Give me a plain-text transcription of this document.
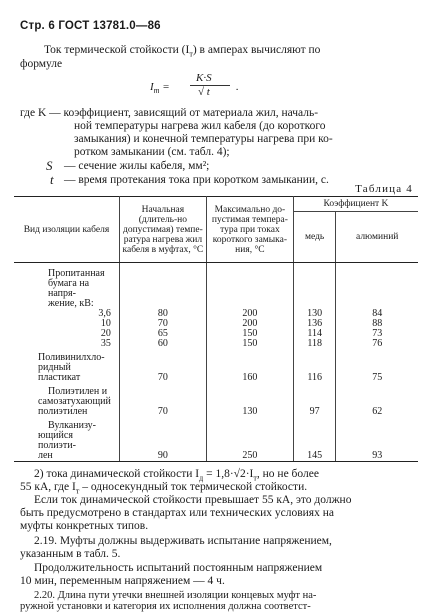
Стр. 6 ГОСТ 13781.0—86
Ток термической стойкости $(I_т)$ в амперах вычисляют по
формуле
$I_т$ =
K·S
√ t .
где K — коэффициент, зависящий от материала жил, началь-
ной температуры нагрева жил кабеля (до короткого
замыкания) и конечной температуры нагрева при ко-
ротком замыкании (см. табл. 4);
S — сечение жилы кабеля, мм²;
t — время протекания тока при коротком замыкании, с.
Таблица 4
Вид изоляции кабеля	Начальная (длитель-но допустимая) темпе-ратура нагрева жил кабеля в муфтах, °С	Максимально до-пустимая темпера-тура при токах короткого замыка-ния, °С	Коэффициент K	
			медь	алюминий
Пропитанная				
бумага на напря-				
жение, кВ:				
3,6	80	200	130	84
10	70	200	136	88
20	65	150	114	73
35	60	150	118	76
Поливинилхло-				
ридный пластикат	70	160	116	75
Полиэтилен и				
самозатухающий				
полиэтилен	70	130	97	62
Вулканизу-				
ющийся полиэти-				
лен	90	250	145	93
2) тока динамической стойкости $I_д = 1,8\cdot√2\cdot I_т$, но не более
55 кА, где $I_т$ – односекундный ток термической стойкости.
Если ток динамической стойкости превышает 55 кА, это должно
быть предусмотрено в стандартах или технических условиях на
муфты конкретных типов.
2.19. Муфты должны выдерживать испытание напряжением,
указанным в табл. 5.
Продолжительность испытаний постоянным напряжением
10 мин, переменным напряжением — 4 ч.
2.20. Длина пути утечки внешней изоляции концевых муфт на-
ружной установки и категория их исполнения должна соответст-
